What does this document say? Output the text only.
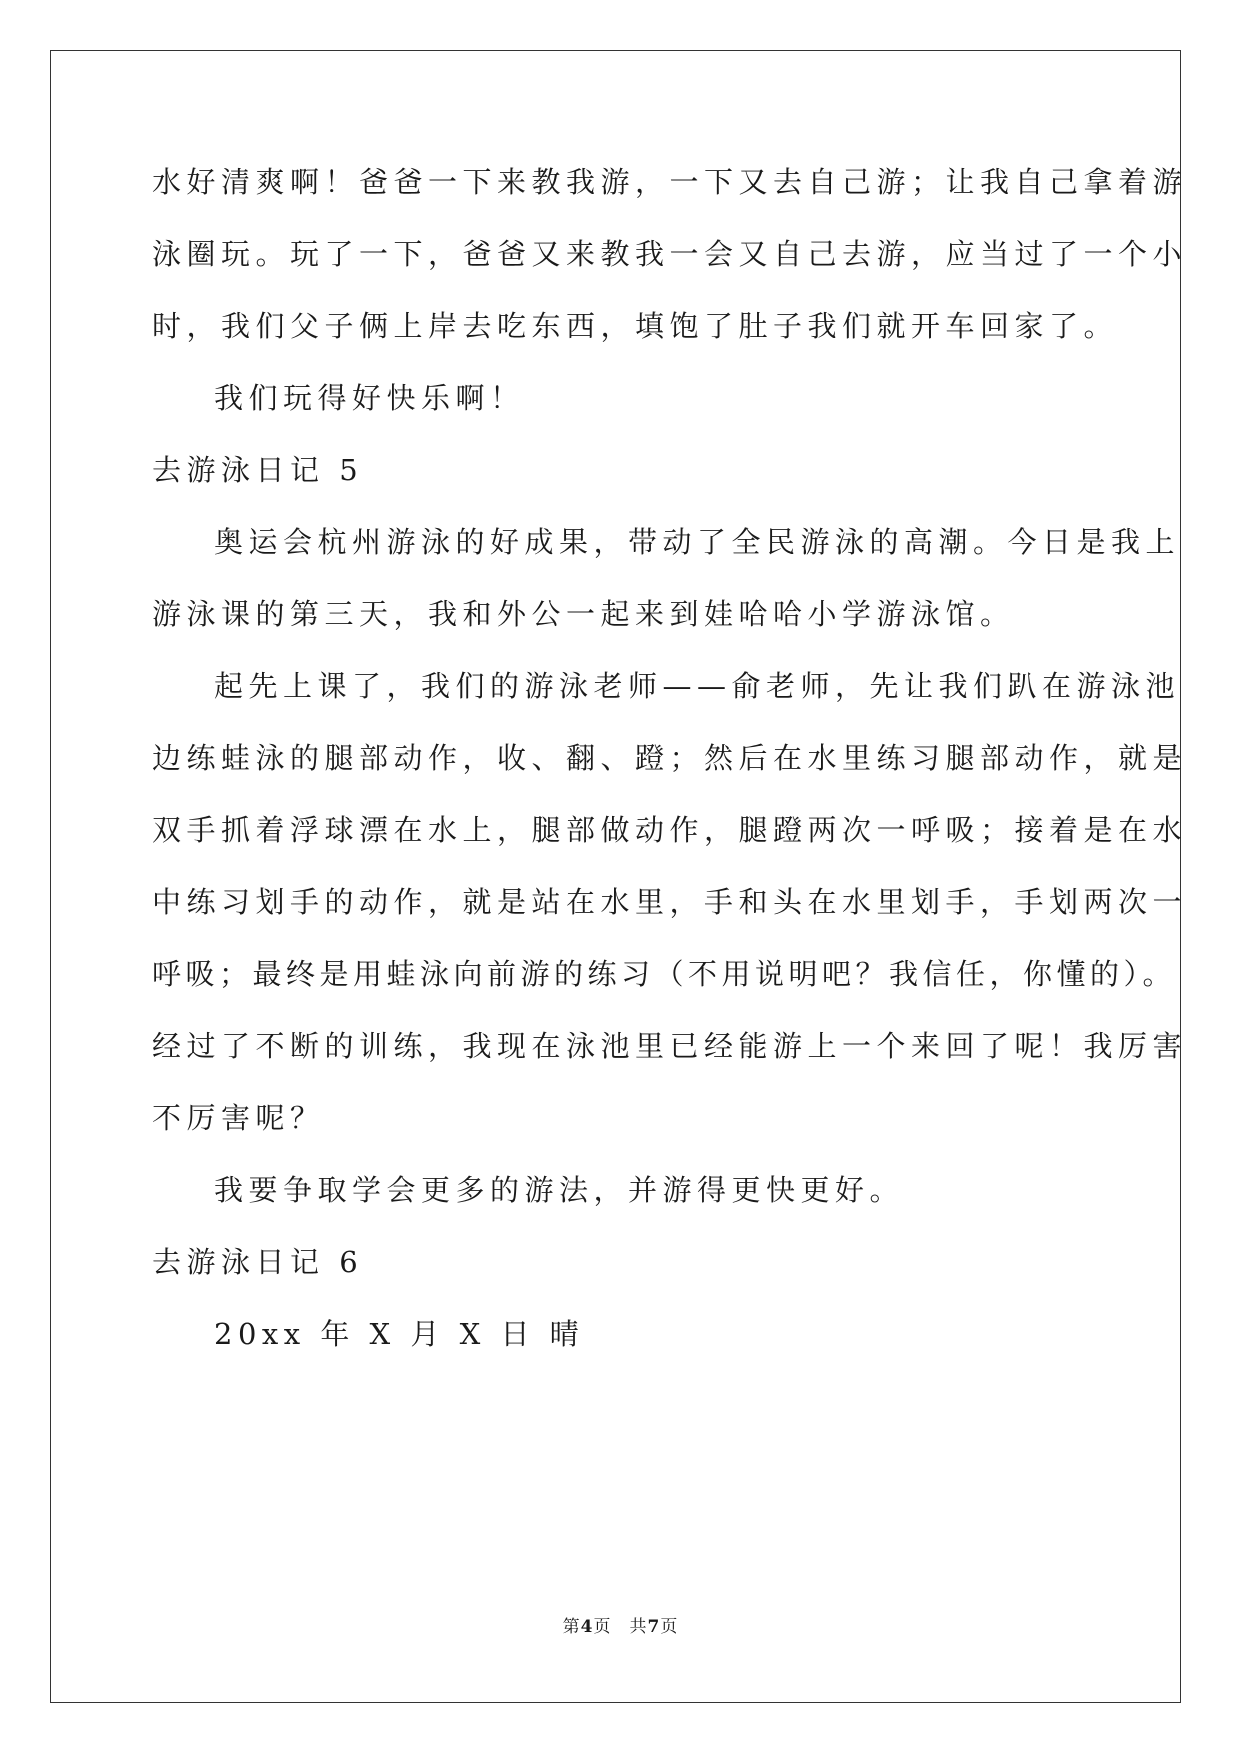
水好清爽啊！爸爸一下来教我游，一下又去自己游；让我自己拿着游
泳圈玩。玩了一下，爸爸又来教我一会又自己去游，应当过了一个小
时，我们父子俩上岸去吃东西，填饱了肚子我们就开车回家了。
我们玩得好快乐啊！
去游泳日记 5
奥运会杭州游泳的好成果，带动了全民游泳的高潮。今日是我上
游泳课的第三天，我和外公一起来到娃哈哈小学游泳馆。
起先上课了，我们的游泳老师——俞老师，先让我们趴在游泳池
边练蛙泳的腿部动作，收、翻、蹬；然后在水里练习腿部动作，就是
双手抓着浮球漂在水上，腿部做动作，腿蹬两次一呼吸；接着是在水
中练习划手的动作，就是站在水里，手和头在水里划手，手划两次一
呼吸；最终是用蛙泳向前游的练习（不用说明吧？我信任，你懂的）。
经过了不断的训练，我现在泳池里已经能游上一个来回了呢！我厉害
不厉害呢？
我要争取学会更多的游法，并游得更快更好。
去游泳日记 6
20xx 年 X 月 X 日 晴
第4页　共7页
